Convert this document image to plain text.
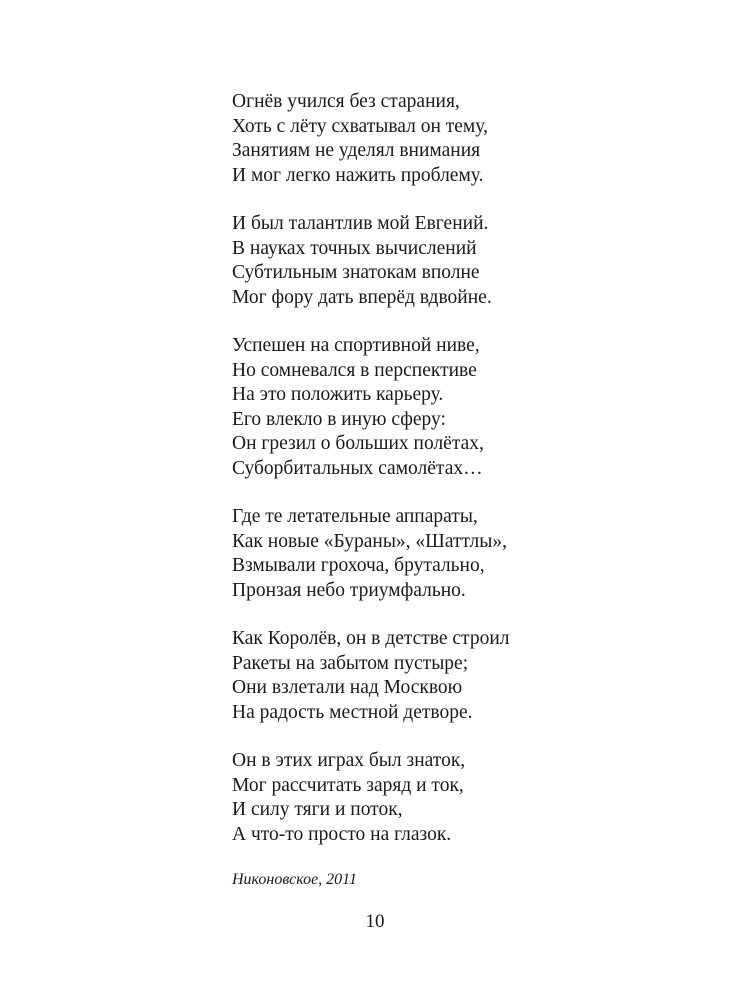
Огнёв учился без старания,
Хоть с лёту схватывал он тему,
Занятиям не уделял внимания
И мог легко нажить проблему.
И был талантлив мой Евгений.
В науках точных вычислений
Субтильным знатокам вполне
Мог фору дать вперёд вдвойне.
Успешен на спортивной ниве,
Но сомневался в перспективе
На это положить карьеру.
Его влекло в иную сферу:
Он грезил о больших полётах,
Суборбитальных самолётах…
Где те летательные аппараты,
Как новые «Бураны», «Шаттлы»,
Взмывали грохоча, брутально,
Пронзая небо триумфально.
Как Королёв, он в детстве строил
Ракеты на забытом пустыре;
Они взлетали над Москвою
На радость местной детворе.
Он в этих играх был знаток,
Мог рассчитать заряд и ток,
И силу тяги и поток,
А что-то просто на глазок.
Никоновское, 2011
10
